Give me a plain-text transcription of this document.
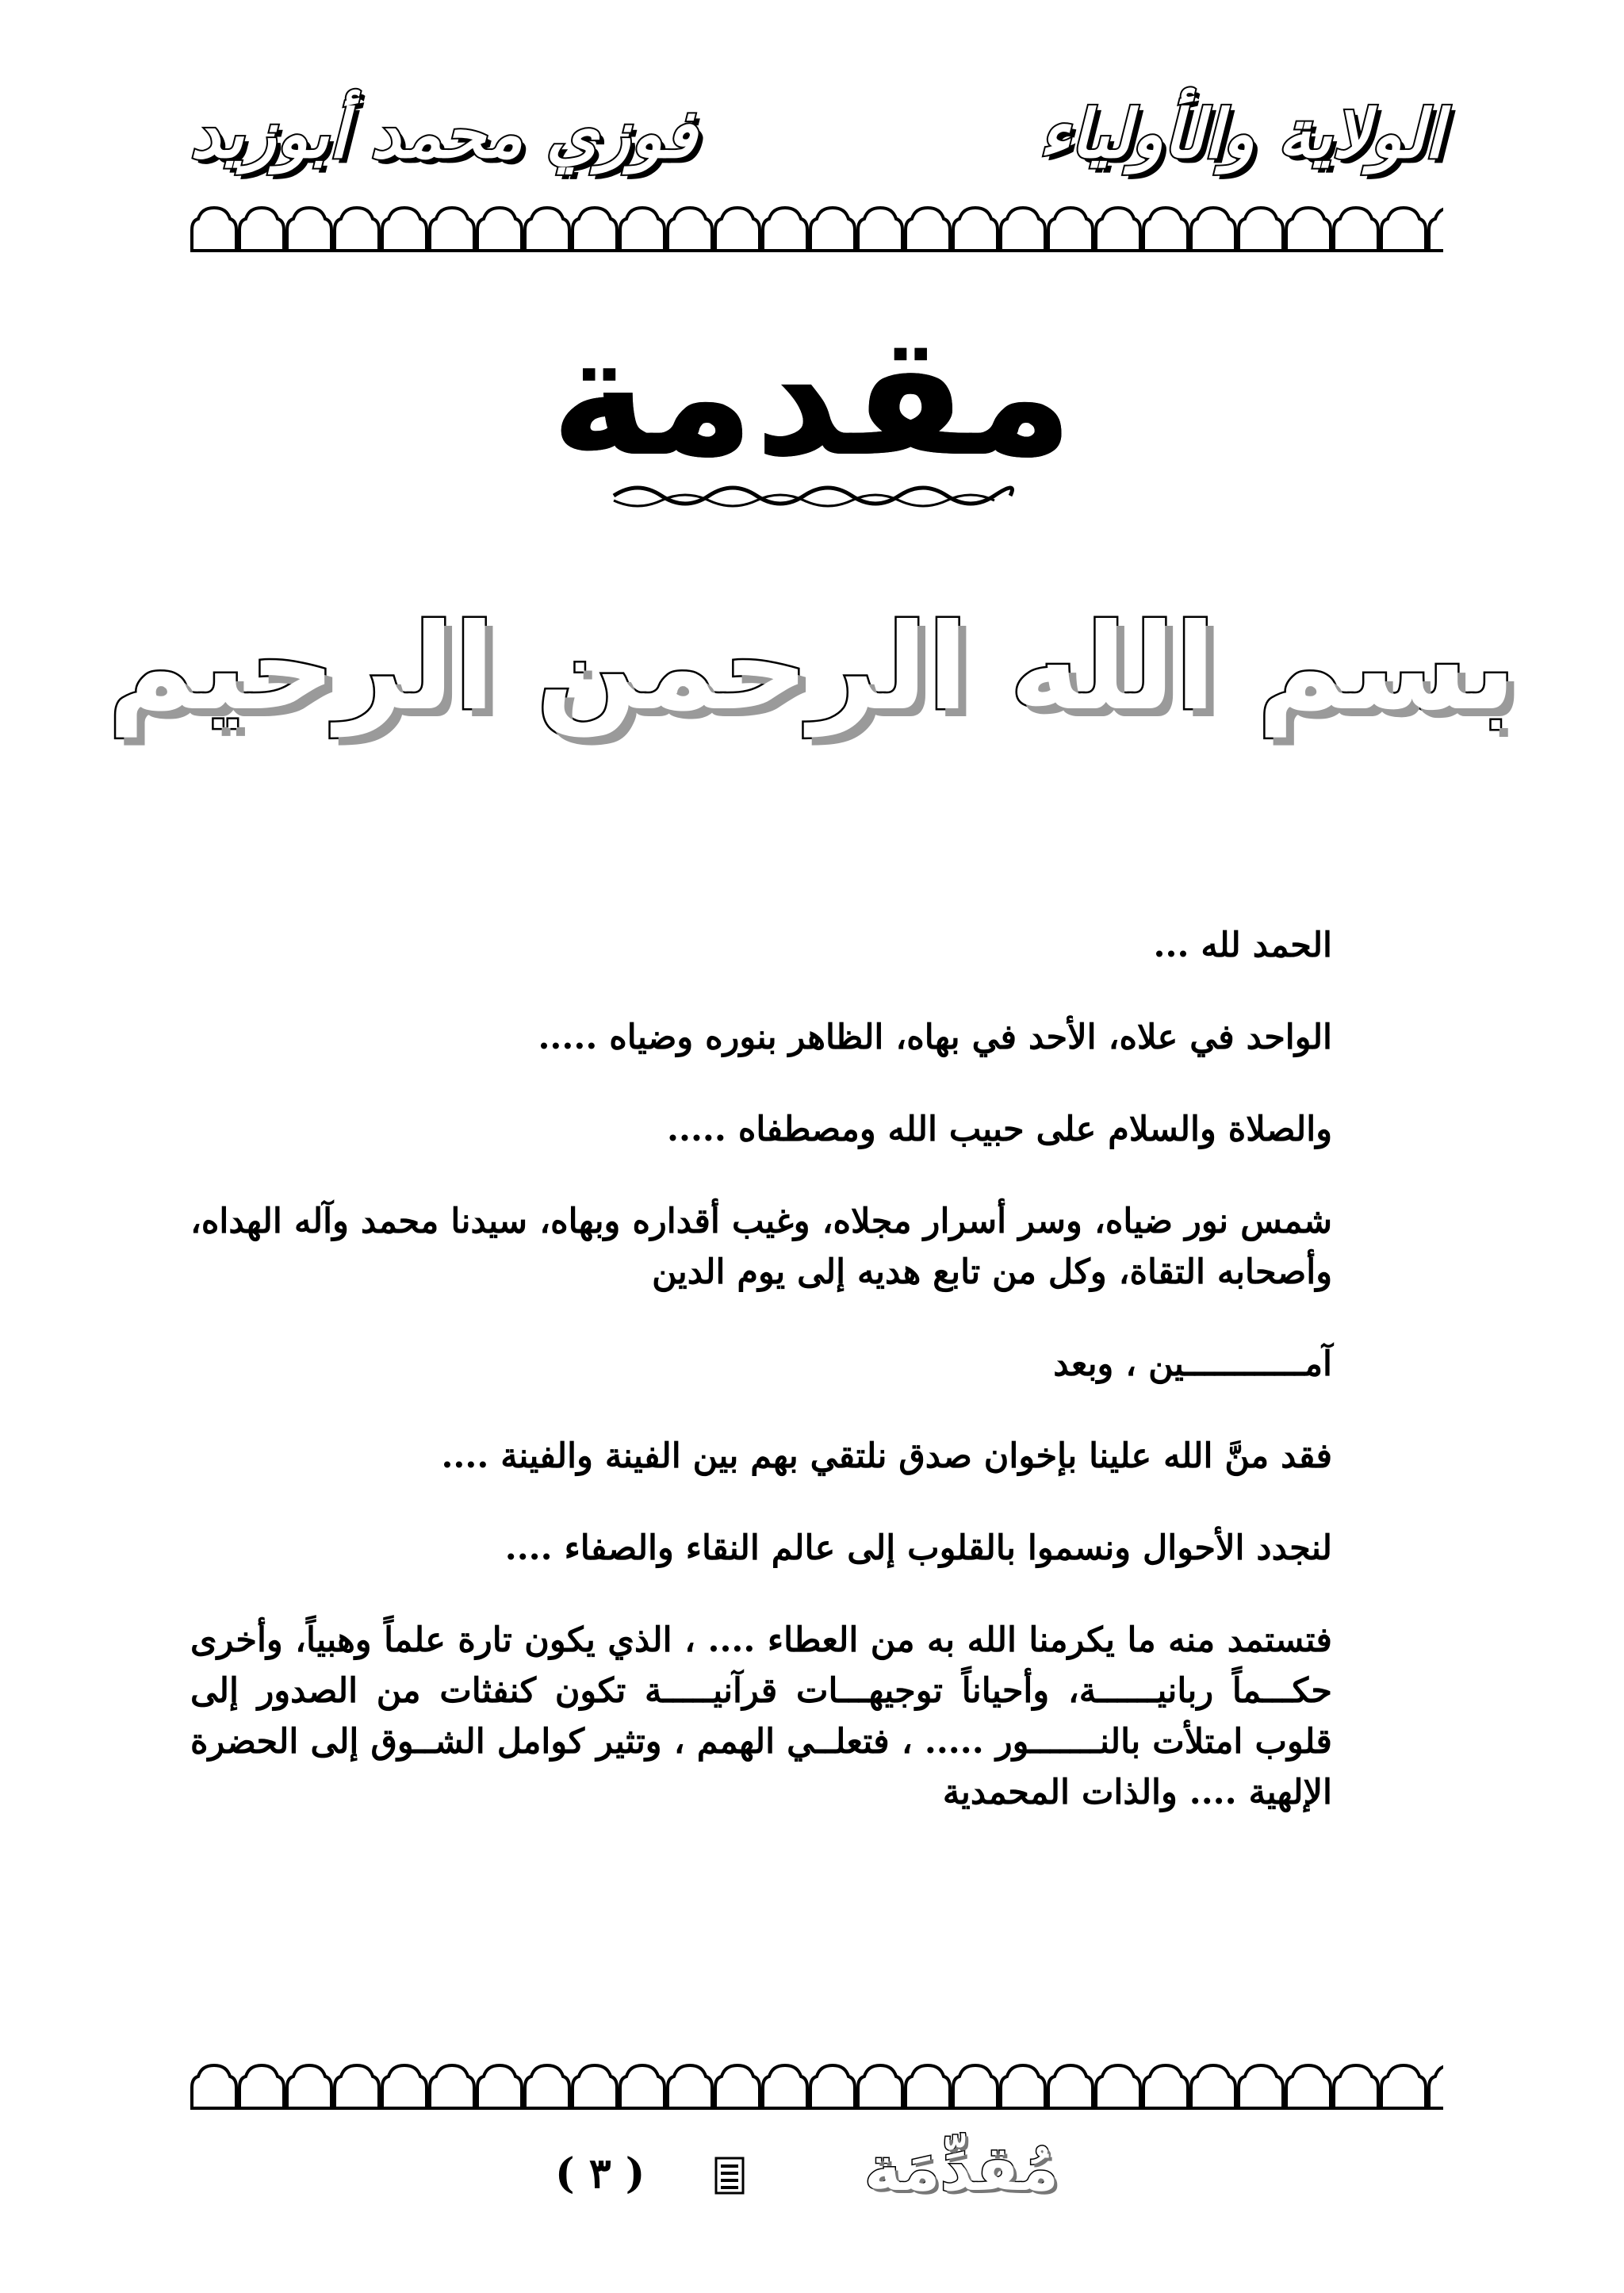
الولاية والأولياء
فوزي محمد أبوزيد
مقدمة
بسم الله الرحمن الرحيم

الحمد لله ...

الواحد في علاه، الأحد في بهاه، الظاهر بنوره وضياه .....

والصلاة والسلام على حبيب الله ومصطفاه .....

شمس نور ضياه، وسر أسرار مجلاه، وغيب أقداره وبهاه، سيدنا محمد وآله الهداه، وأصحابه التقاة، وكل من تابع هديه إلى يوم الدين

آمــــــــــــين ، وبعد

فقد منَّ الله علينا بإخوان صدق نلتقي بهم بين الفينة والفينة ....

لنجدد الأحوال ونسموا بالقلوب إلى عالم النقاء والصفاء ....

فتستمد منه ما يكرمنا الله به من العطاء .... ، الذي يكون تارة علماً وهبياً، وأخرى حكـــماً ربانيــــــة، وأحياناً توجيهـــات قرآنيـــــة تكون كنفثات من الصدور إلى قلوب امتلأت بالنـــــــور ..... ، فتعلــي الهمم ، وتثير كوامل الشــوق إلى الحضرة الإلهية .... والذات المحمدية

( ٣ )	مُقدِّمَة
